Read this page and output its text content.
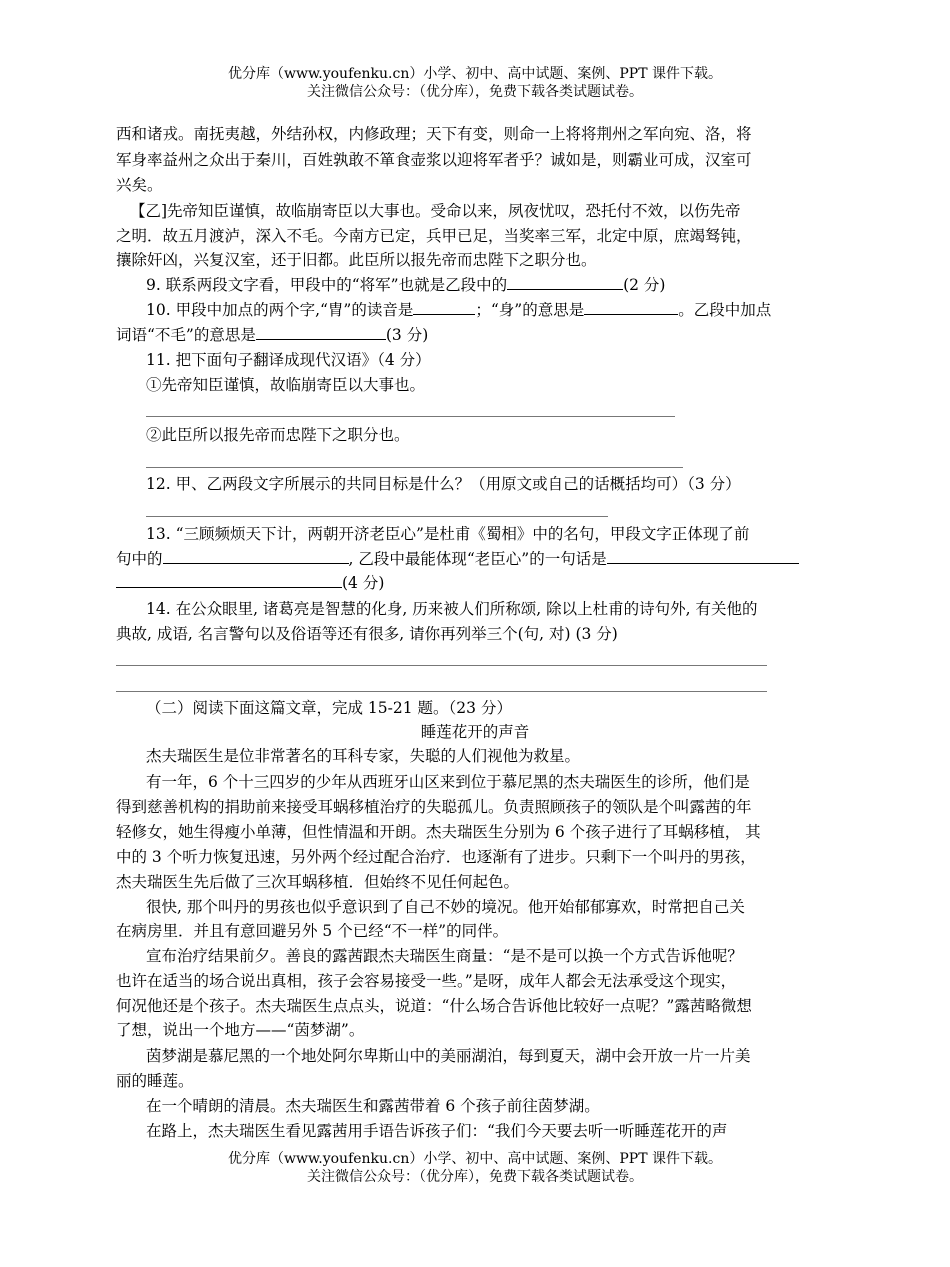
优分库（www.youfenku.cn）小学、初中、高中试题、案例、PPT 课件下载。
关注微信公众号：（优分库），免费下载各类试题试卷。
西和诸戎。南抚夷越，外结孙权，内修政理；天下有变，则命一上将将荆州之军向宛、洛，将
军身率益州之众出于秦川，百姓孰敢不箪食壶浆以迎将军者乎？诚如是，则霸业可成，汉室可
兴矣。
【乙]先帝知臣谨慎，故临崩寄臣以大事也。受命以来，夙夜忧叹，恐托付不效，以伤先帝
之明．故五月渡泸，深入不毛。今南方已定，兵甲已足，当奖率三军，北定中原，庶竭驽钝，
攘除奸凶，兴复汉室，还于旧都。此臣所以报先帝而忠陛下之职分也。
9. 联系两段文字看，甲段中的“将军”也就是乙段中的	(2 分)
10. 甲段中加点的两个字,“胄”的读音是	；“身”的意思是	。乙段中加点
词语“不毛”的意思是	(3 分)
11. 把下面句子翻译成现代汉语》（4 分）
①先帝知臣谨慎，故临崩寄臣以大事也。
②此臣所以报先帝而忠陛下之职分也。
12. 甲、乙两段文字所展示的共同目标是什么？（用原文或自己的话概括均可）（3 分）
13. “三顾频烦天下计，两朝开济老臣心”是杜甫《蜀相》中的名句，甲段文字正体现了前
句中的	, 乙段中最能体现“老臣心”的一句话是
(4 分)
14. 在公众眼里, 诸葛亮是智慧的化身, 历来被人们所称颂, 除以上杜甫的诗句外, 有关他的
典故, 成语, 名言警句以及俗语等还有很多, 请你再列举三个(句, 对) (3 分)
（二）阅读下面这篇文章，完成 15-21 题。（23 分）
睡莲花开的声音
杰夫瑞医生是位非常著名的耳科专家，失聪的人们视他为救星。
有一年，6 个十三四岁的少年从西班牙山区来到位于慕尼黑的杰夫瑞医生的诊所，他们是
得到慈善机构的捐助前来接受耳蜗移植治疗的失聪孤儿。负责照顾孩子的领队是个叫露茜的年
轻修女，她生得瘦小单薄，但性情温和开朗。杰夫瑞医生分别为 6 个孩子进行了耳蜗移植， 其
中的 3 个听力恢复迅速，另外两个经过配合治疗．也逐渐有了进步。只剩下一个叫丹的男孩，
杰夫瑞医生先后做了三次耳蜗移植．但始终不见任何起色。
很快, 那个叫丹的男孩也似乎意识到了自己不妙的境况。他开始郁郁寡欢，时常把自己关
在病房里．并且有意回避另外 5 个已经“不一样”的同伴。
宣布治疗结果前夕。善良的露茜跟杰夫瑞医生商量：“是不是可以换一个方式告诉他呢？
也许在适当的场合说出真相，孩子会容易接受一些。”是呀，成年人都会无法承受这个现实，
何况他还是个孩子。杰夫瑞医生点点头，说道：“什么场合告诉他比较好一点呢？”露茜略微想
了想，说出一个地方——“茵梦湖”。
茵梦湖是慕尼黑的一个地处阿尔卑斯山中的美丽湖泊，每到夏天，湖中会开放一片一片美
丽的睡莲。
在一个晴朗的清晨。杰夫瑞医生和露茜带着 6 个孩子前往茵梦湖。
在路上，杰夫瑞医生看见露茜用手语告诉孩子们：“我们今天要去听一听睡莲花开的声
优分库（www.youfenku.cn）小学、初中、高中试题、案例、PPT 课件下载。
关注微信公众号：（优分库），免费下载各类试题试卷。
